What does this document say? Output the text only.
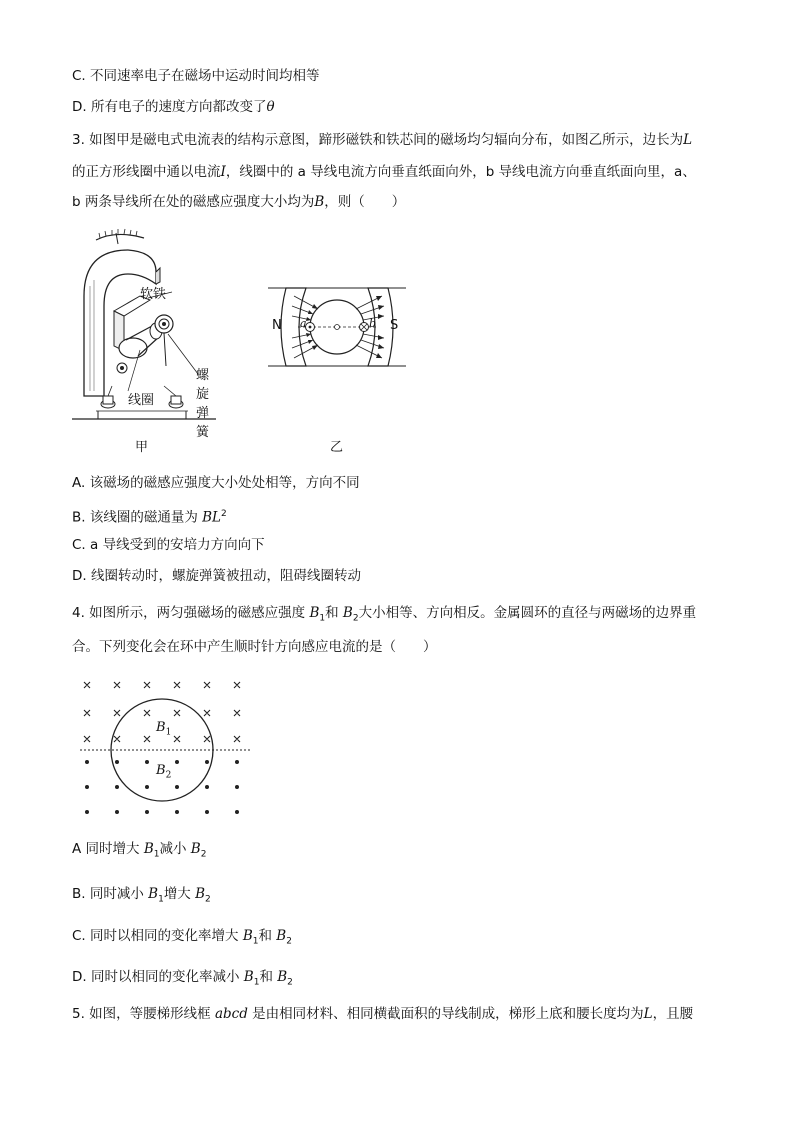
C. 不同速率电子在磁场中运动时间均相等
D. 所有电子的速度方向都改变了θ
3. 如图甲是磁电式电流表的结构示意图，蹄形磁铁和铁芯间的磁场均匀辐向分布，如图乙所示，边长为L
的正方形线圈中通以电流I，线圈中的 a 导线电流方向垂直纸面向外，b 导线电流方向垂直纸面向里，a、
b 两条导线所在处的磁感应强度大小均为B，则（　　）
软铁
螺旋弹簧
线圈
甲
N	S
a	b
乙
A. 该磁场的磁感应强度大小处处相等，方向不同
B. 该线圈的磁通量为 $BL^2$
C. a 导线受到的安培力方向向下
D. 线圈转动时，螺旋弹簧被扭动，阻碍线圈转动
4. 如图所示，两匀强磁场的磁感应强度 $B_1$和 $B_2$大小相等、方向相反。金属圆环的直径与两磁场的边界重
合。下列变化会在环中产生顺时针方向感应电流的是（　　）
$B_1$
$B_2$
A 同时增大 $B_1$减小 $B_2$
B. 同时减小 $B_1$增大 $B_2$
C. 同时以相同的变化率增大 $B_1$和 $B_2$
D. 同时以相同的变化率减小 $B_1$和 $B_2$
5. 如图，等腰梯形线框 abcd 是由相同材料、相同横截面积的导线制成，梯形上底和腰长度均为L，且腰
